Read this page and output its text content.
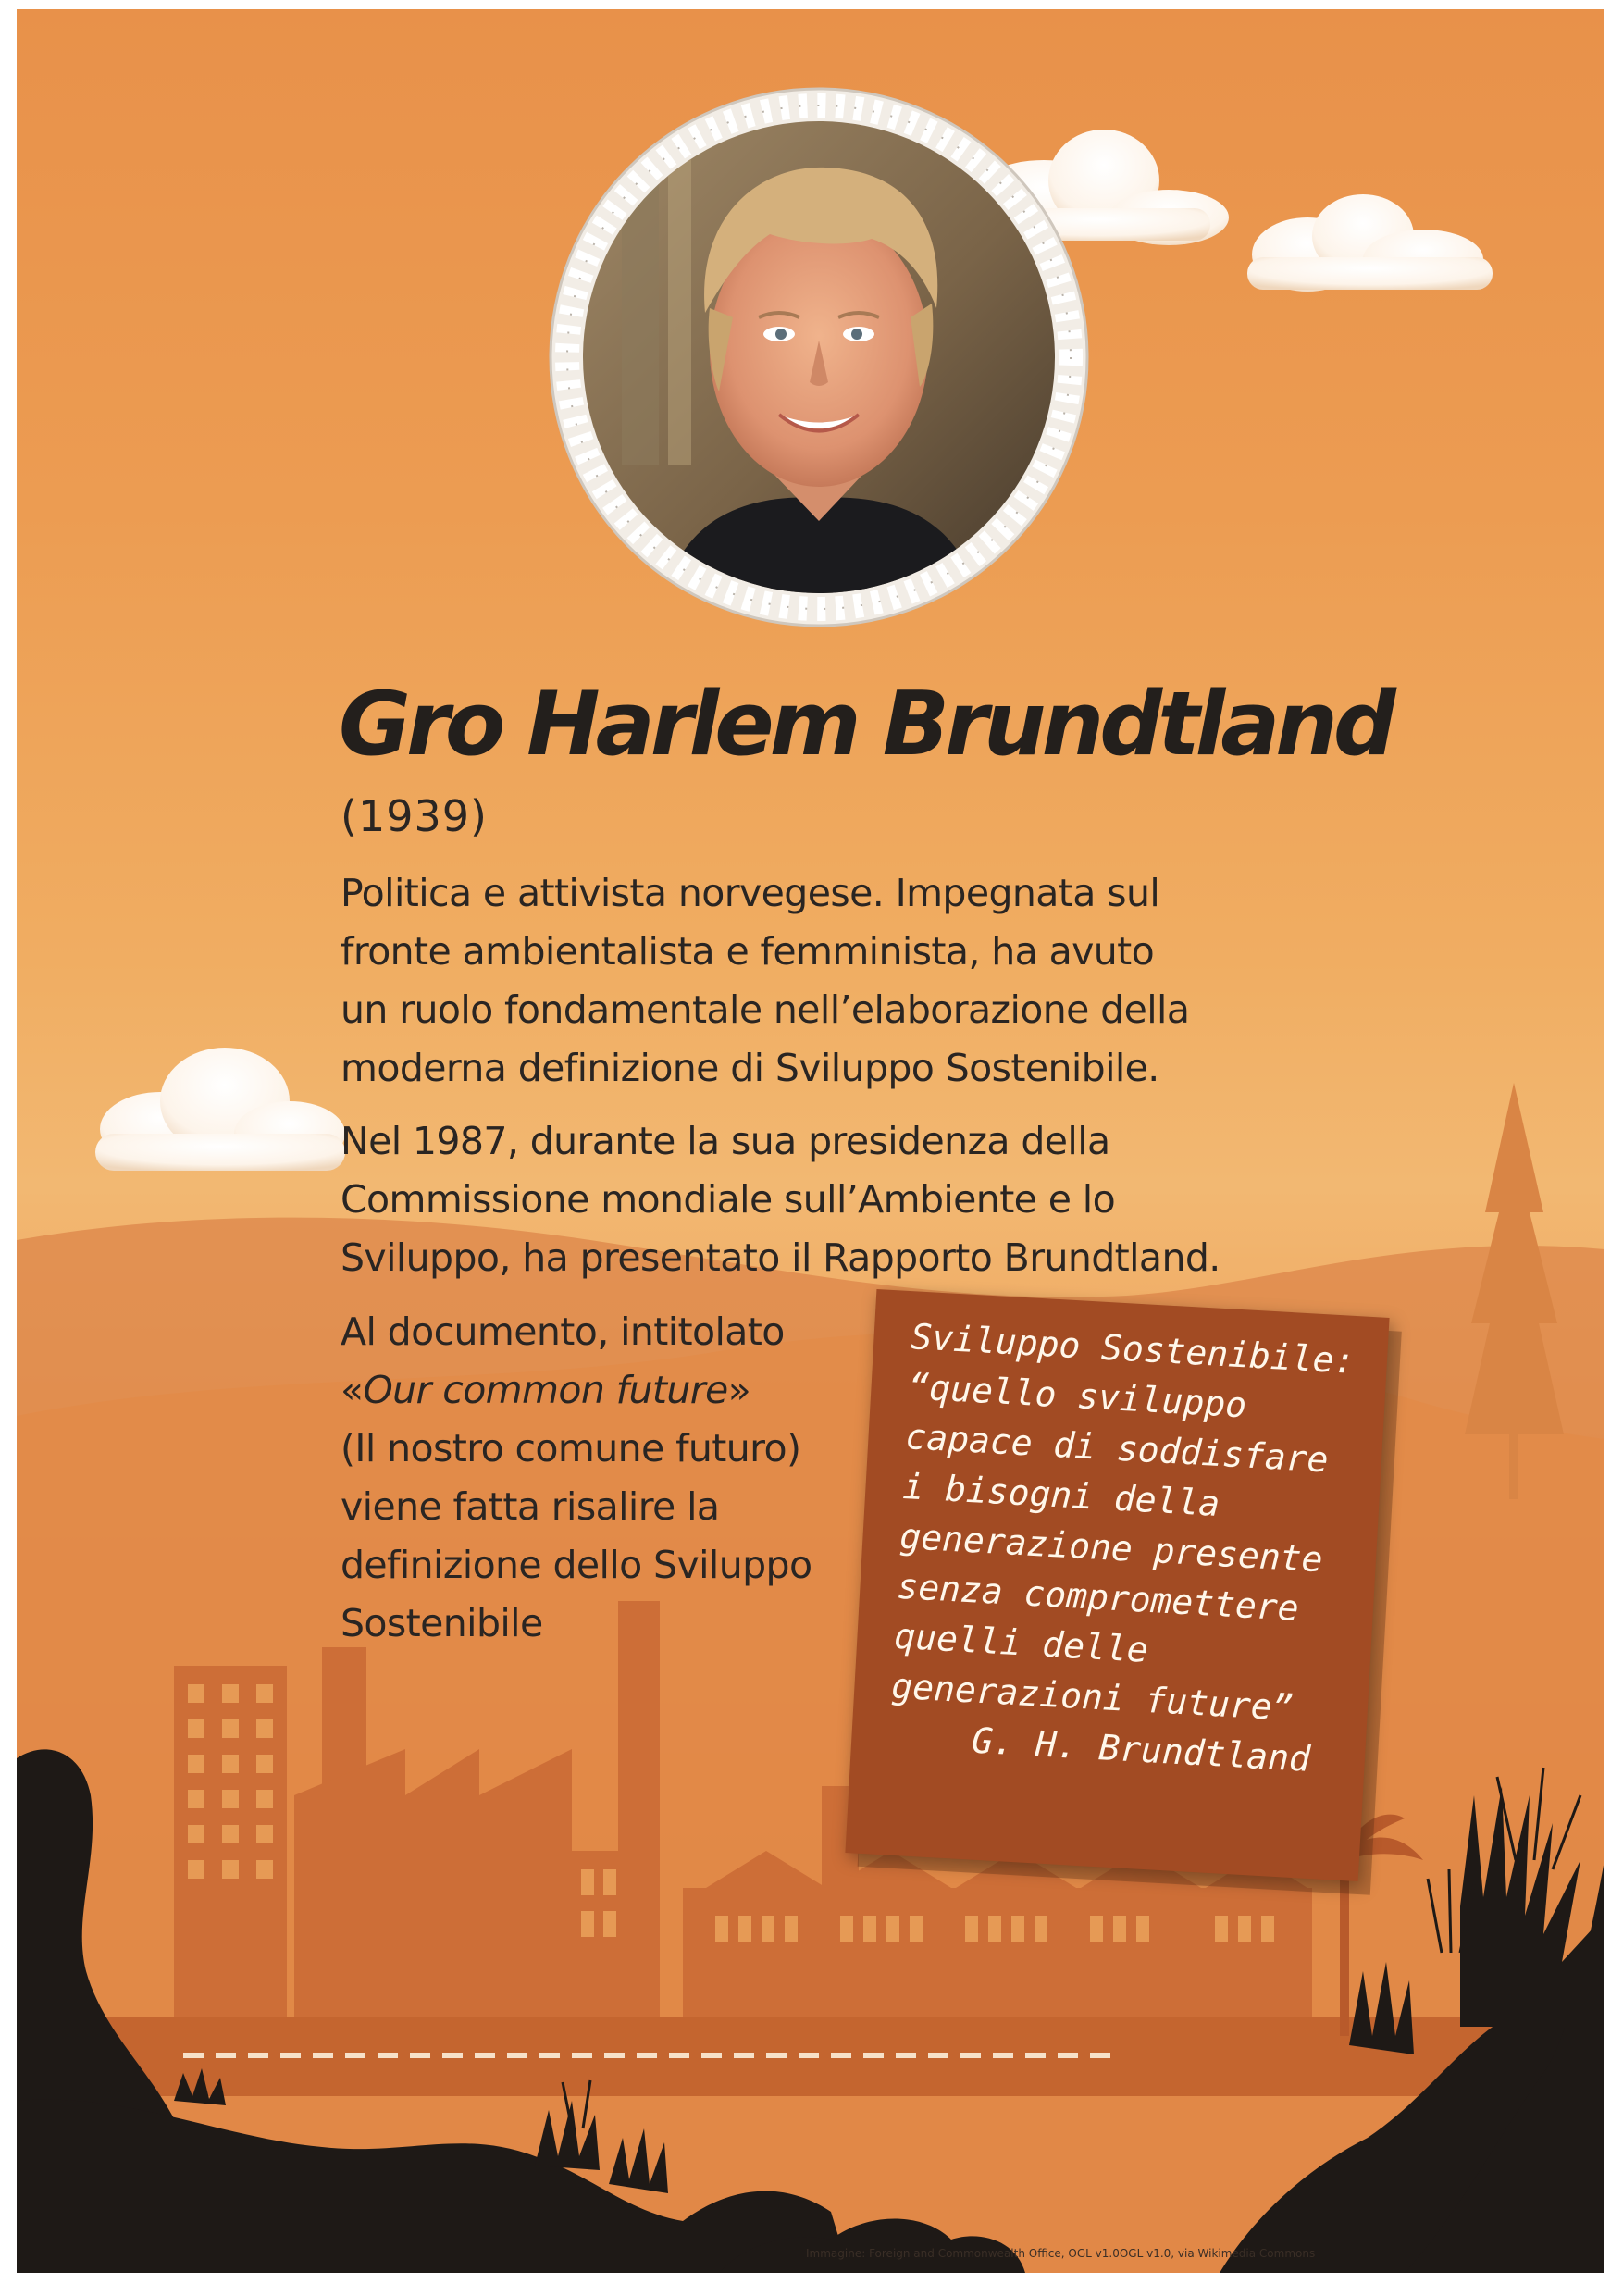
Gro Harlem Brundtland
(1939)

Politica e attivista norvegese. Impegnata sul
fronte ambientalista e femminista, ha avuto
un ruolo fondamentale nell’elaborazione della
moderna definizione di Sviluppo Sostenibile.

Nel 1987, durante la sua presidenza della
Commissione mondiale sull’Ambiente e lo
Sviluppo, ha presentato il Rapporto Brundtland.

Al documento, intitolato
«Our common future»
(Il nostro comune futuro)
viene fatta risalire la
definizione dello Sviluppo
Sostenibile

Sviluppo Sostenibile:
“quello sviluppo
capace di soddisfare
i bisogni della
generazione presente
senza compromettere
quelli delle
generazioni future”
G. H. Brundtland

Immagine: Foreign and Commonwealth Office, OGL v1.0OGL v1.0, via Wikimedia Commons
